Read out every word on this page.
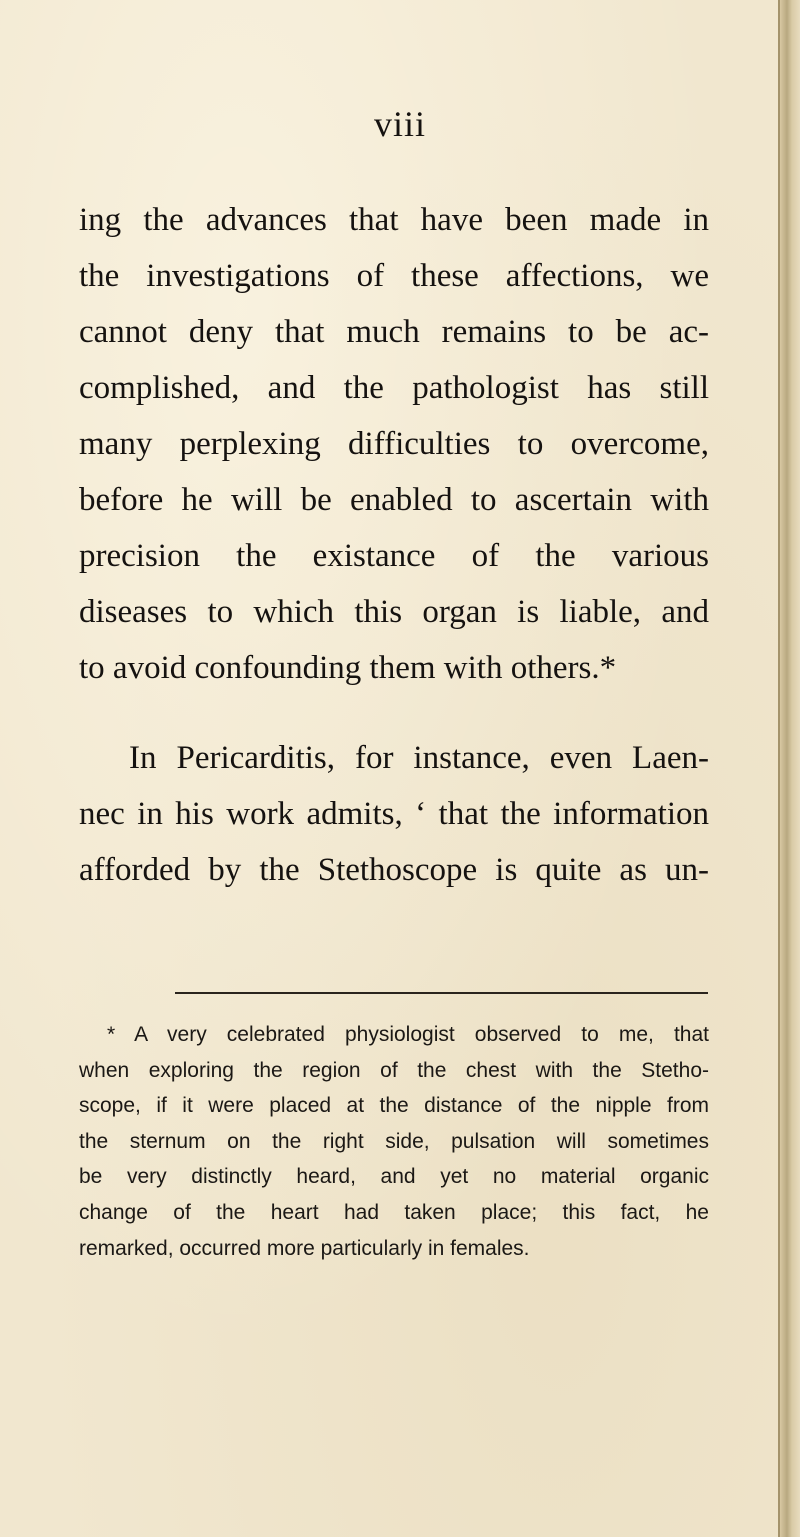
viii
ing the advances that have been made in
the investigations of these affections, we
cannot deny that much remains to be ac-
complished, and the pathologist has still
many perplexing difficulties to overcome,
before he will be enabled to ascertain with
precision the existance of the various
diseases to which this organ is liable, and
to avoid confounding them with others.*
In Pericarditis, for instance, even Laen-
nec in his work admits, ‘ that the information
afforded by the Stethoscope is quite as un-
* A very celebrated physiologist observed to me, that
when exploring the region of the chest with the Stetho-
scope, if it were placed at the distance of the nipple from
the sternum on the right side, pulsation will sometimes
be very distinctly heard, and yet no material organic
change of the heart had taken place; this fact, he
remarked, occurred more particularly in females.
